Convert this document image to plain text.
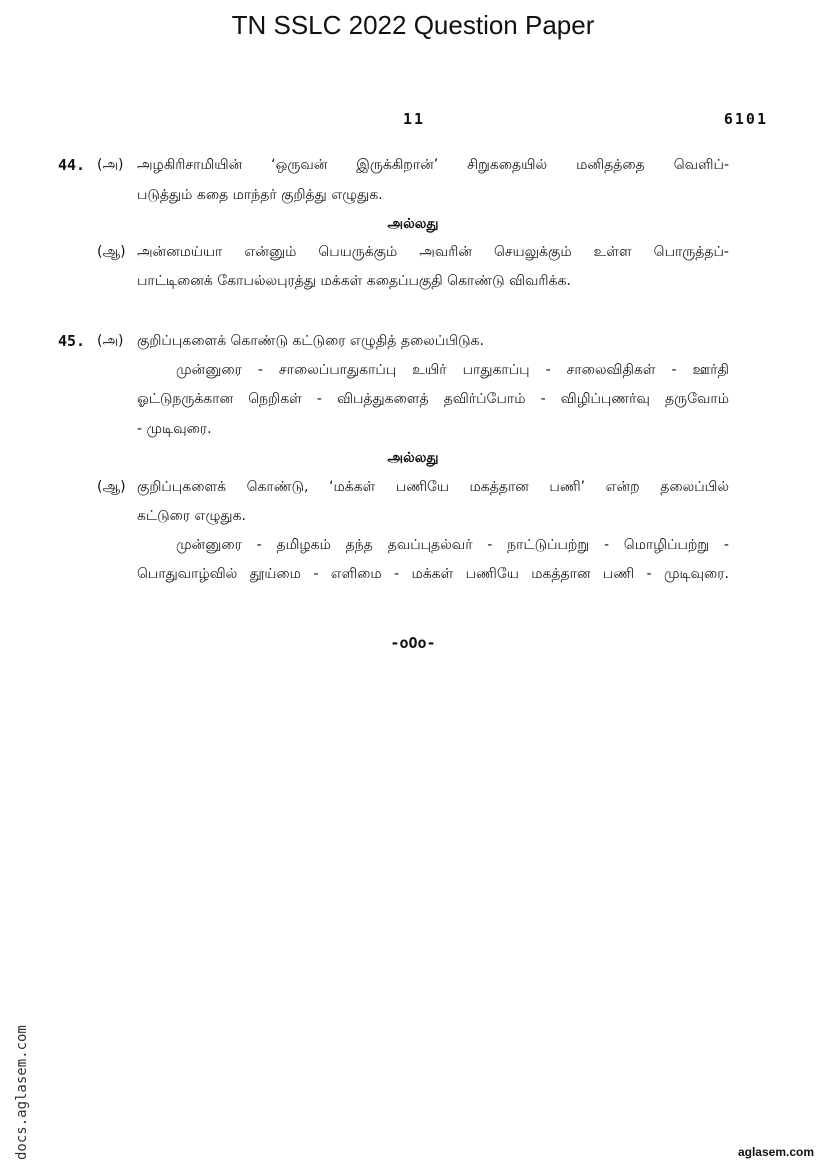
TN SSLC 2022 Question Paper
11	6101
44. (அ) அழகிரிசாமியின் ‘ஒருவன் இருக்கிறான்’ சிறுகதையில் மனிதத்தை வெளிப்-
படுத்தும் கதை மாந்தர் குறித்து எழுதுக.
அல்லது
(ஆ) அன்னமய்யா என்னும் பெயருக்கும் அவரின் செயலுக்கும் உள்ள பொருத்தப்-
பாட்டினைக் கோபல்லபுரத்து மக்கள் கதைப்பகுதி கொண்டு விவரிக்க.
45. (அ) குறிப்புகளைக் கொண்டு கட்டுரை எழுதித் தலைப்பிடுக.
முன்னுரை - சாலைப்பாதுகாப்பு உயிர் பாதுகாப்பு - சாலைவிதிகள் - ஊர்தி
ஓட்டுநருக்கான நெறிகள் - விபத்துகளைத் தவிர்ப்போம் - விழிப்புணர்வு தருவோம்
- முடிவுரை.
அல்லது
(ஆ) குறிப்புகளைக் கொண்டு, ‘மக்கள் பணியே மகத்தான பணி’ என்ற தலைப்பில்
கட்டுரை எழுதுக.
முன்னுரை - தமிழகம் தந்த தவப்புதல்வர் - நாட்டுப்பற்று - மொழிப்பற்று -
பொதுவாழ்வில் தூய்மை - எளிமை - மக்கள் பணியே மகத்தான பணி - முடிவுரை.
-oOo-
docs.aglasem.com	aglasem.com
